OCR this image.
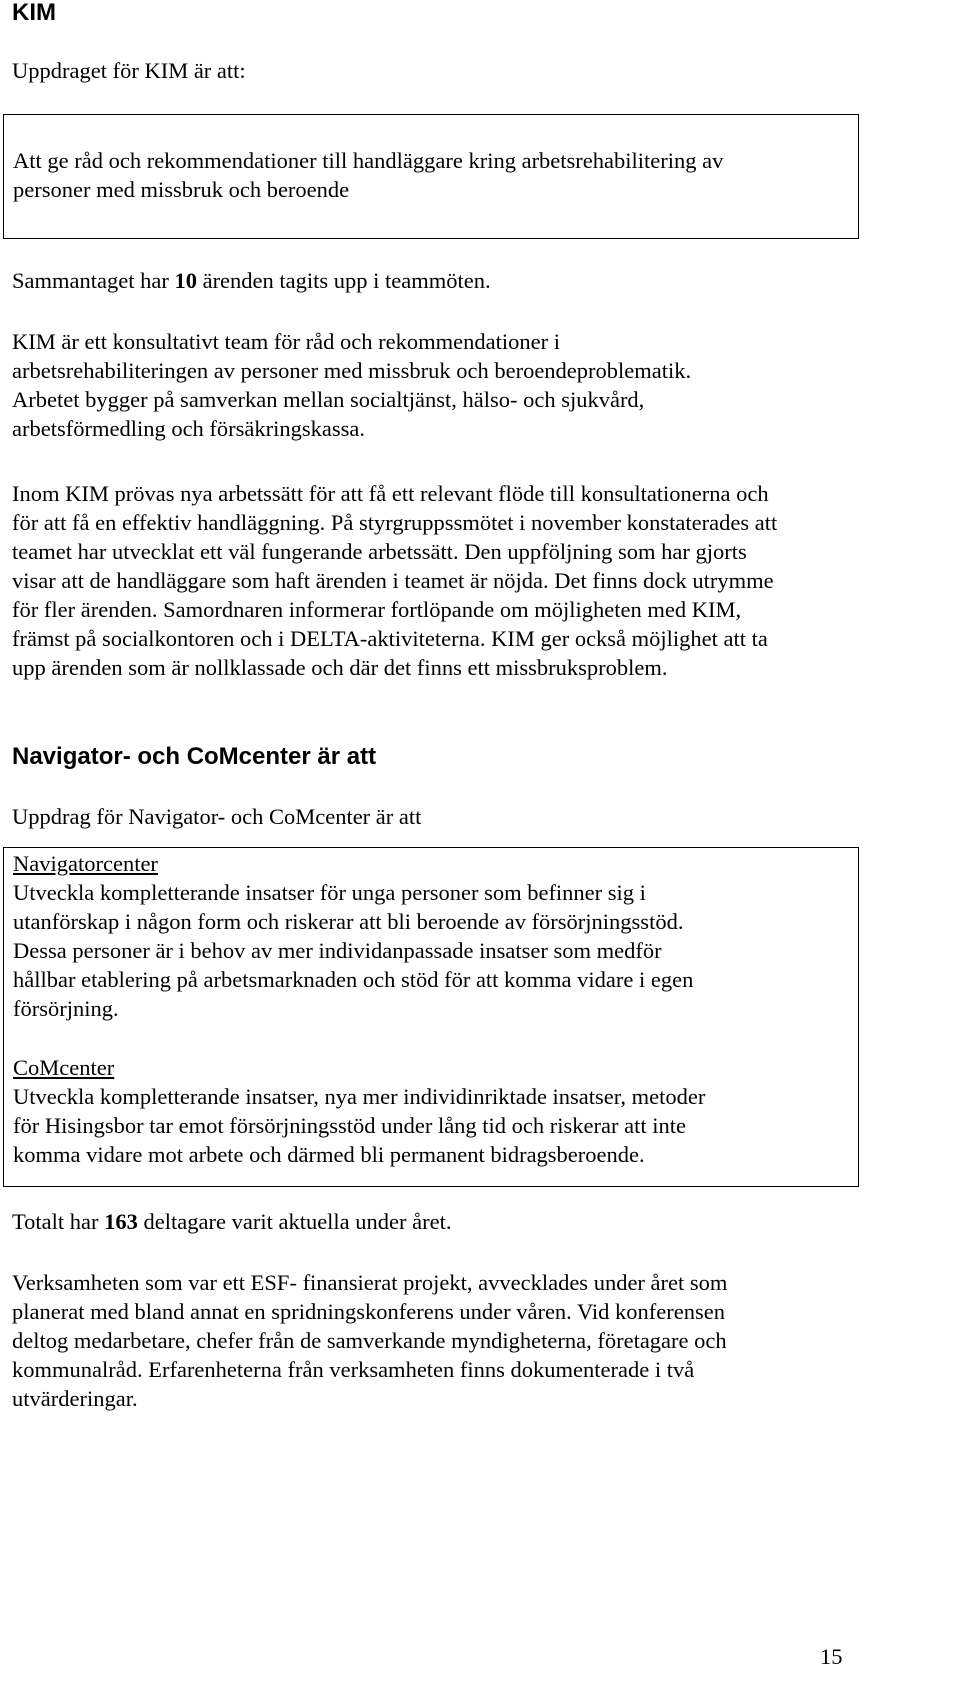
KIM
Uppdraget för KIM är att:
Att ge råd och rekommendationer till handläggare kring arbetsrehabilitering av
personer med missbruk och beroende
Sammantaget har 10 ärenden tagits upp i teammöten.
KIM är ett konsultativt team för råd och rekommendationer i
arbetsrehabiliteringen av personer med missbruk och beroendeproblematik.
Arbetet bygger på samverkan mellan socialtjänst, hälso- och sjukvård,
arbetsförmedling och försäkringskassa.
Inom KIM prövas nya arbetssätt för att få ett relevant flöde till konsultationerna och
för att få en effektiv handläggning. På styrgruppssmötet i november konstaterades att
teamet har utvecklat ett väl fungerande arbetssätt. Den uppföljning som har gjorts
visar att de handläggare som haft ärenden i teamet är nöjda. Det finns dock utrymme
för fler ärenden. Samordnaren informerar fortlöpande om möjligheten med KIM,
främst på socialkontoren och i DELTA-aktiviteterna. KIM ger också möjlighet att ta
upp ärenden som är nollklassade och där det finns ett missbruksproblem.
Navigator- och CoMcenter är att
Uppdrag för Navigator- och CoMcenter är att
Navigatorcenter
Utveckla kompletterande insatser för unga personer som befinner sig i
utanförskap i någon form och riskerar att bli beroende av försörjningsstöd.
Dessa personer är i behov av mer individanpassade insatser som medför
hållbar etablering på arbetsmarknaden och stöd för att komma vidare i egen
försörjning.
CoMcenter
Utveckla kompletterande insatser, nya mer individinriktade insatser, metoder
för Hisingsbor tar emot försörjningsstöd under lång tid och riskerar att inte
komma vidare mot arbete och därmed bli permanent bidragsberoende.
Totalt har 163 deltagare varit aktuella under året.
Verksamheten som var ett ESF- finansierat projekt, avvecklades under året som
planerat med bland annat en spridningskonferens under våren. Vid konferensen
deltog medarbetare, chefer från de samverkande myndigheterna, företagare och
kommunalråd. Erfarenheterna från verksamheten finns dokumenterade i två
utvärderingar.
15
